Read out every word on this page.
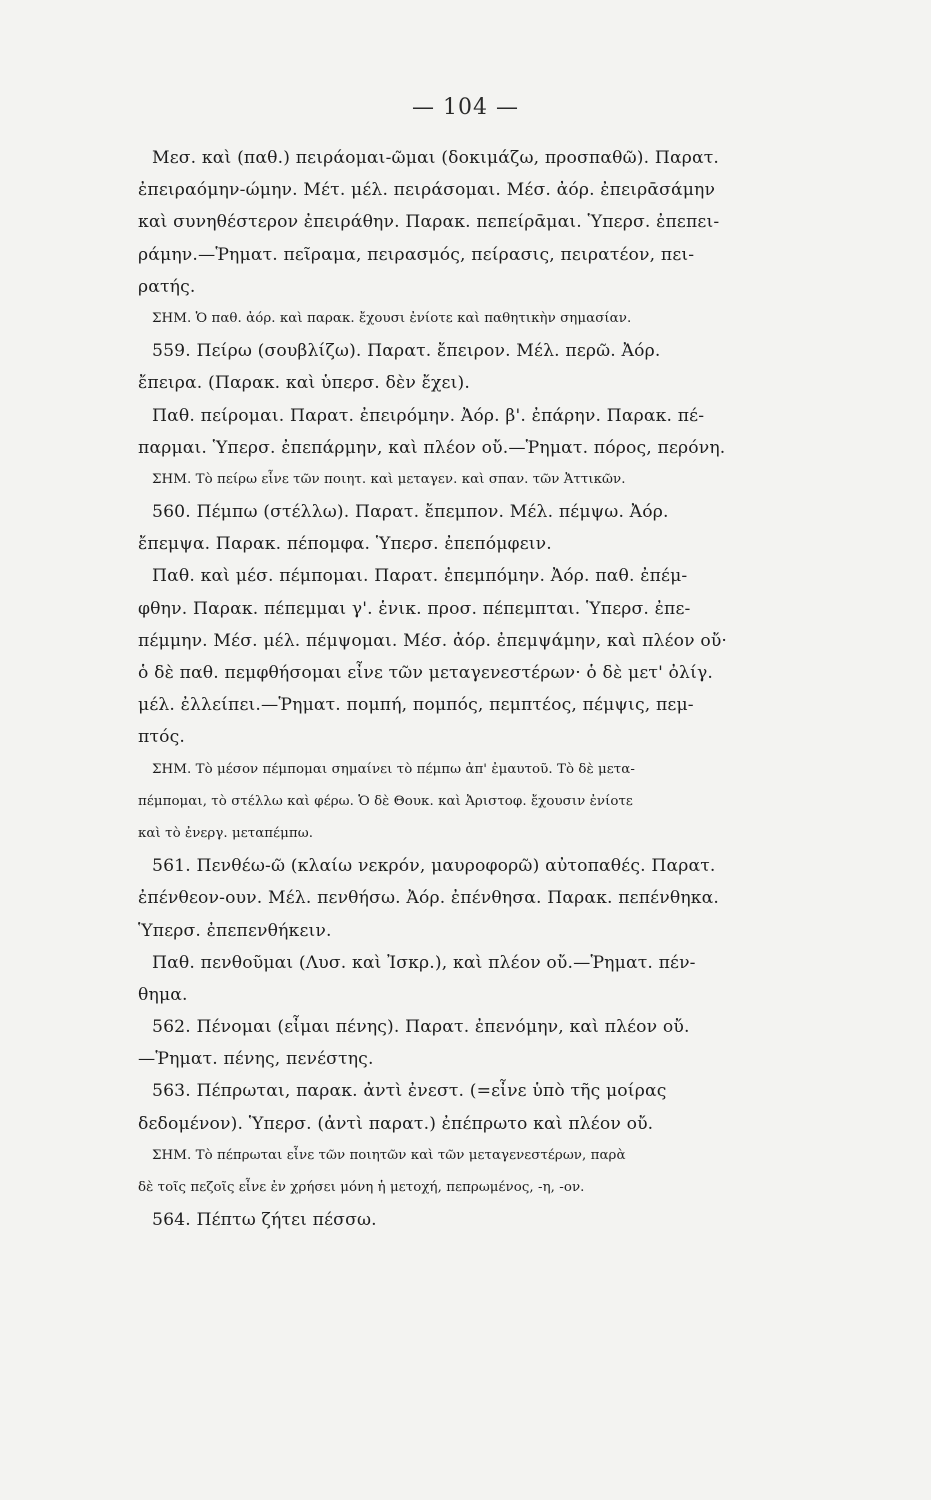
— 104 —
Μεσ. καὶ (παθ.) πειράομαι-ῶμαι (δοκιμάζω, προσπαθῶ). Παρατ.
ἐπειραόμην-ώμην. Μέτ. μέλ. πειράσομαι. Μέσ. ἀόρ. ἐπειρᾱσάμην
καὶ συνηθέστερον ἐπειράθην. Παρακ. πεπείρᾱμαι. Ὑπερσ. ἐπεπει-
ράμην.—Ῥηματ. πεῖραμα, πειρασμός, πείρασις, πειρατέον, πει-
ρατής.
ΣΗΜ. Ὁ παθ. ἀόρ. καὶ παρακ. ἔχουσι ἐνίοτε καὶ παθητικὴν σημασίαν.
559. Πείρω (σουβλίζω). Παρατ. ἔπειρον. Μέλ. περῶ. Ἀόρ.
ἔπειρα. (Παρακ. καὶ ὑπερσ. δὲν ἔχει).
Παθ. πείρομαι. Παρατ. ἐπειρόμην. Ἀόρ. β'. ἐπάρην. Παρακ. πέ-
παρμαι. Ὑπερσ. ἐπεπάρμην, καὶ πλέον οὔ.—Ῥηματ. πόρος, περόνη.
ΣΗΜ. Τὸ πείρω εἶνε τῶν ποιητ. καὶ μεταγεν. καὶ σπαν. τῶν Ἀττικῶν.
560. Πέμπω (στέλλω). Παρατ. ἔπεμπον. Μέλ. πέμψω. Ἀόρ.
ἔπεμψα. Παρακ. πέπομφα. Ὑπερσ. ἐπεπόμφειν.
Παθ. καὶ μέσ. πέμπομαι. Παρατ. ἐπεμπόμην. Ἀόρ. παθ. ἐπέμ-
φθην. Παρακ. πέπεμμαι γ'. ἑνικ. προσ. πέπεμπται. Ὑπερσ. ἐπε-
πέμμην. Μέσ. μέλ. πέμψομαι. Μέσ. ἀόρ. ἐπεμψάμην, καὶ πλέον οὔ·
ὁ δὲ παθ. πεμφθήσομαι εἶνε τῶν μεταγενεστέρων· ὁ δὲ μετ' ὀλίγ.
μέλ. ἐλλείπει.—Ῥηματ. πομπή, πομπός, πεμπτέος, πέμψις, πεμ-
πτός.
ΣΗΜ. Τὸ μέσον πέμπομαι σημαίνει τὸ πέμπω ἀπ' ἐμαυτοῦ. Τὸ δὲ μετα-
πέμπομαι, τὸ στέλλω καὶ φέρω. Ὁ δὲ Θουκ. καὶ Ἀριστοφ. ἔχουσιν ἐνίοτε
καὶ τὸ ἐνεργ. μεταπέμπω.
561. Πενθέω-ῶ (κλαίω νεκρόν, μαυροφορῶ) αὐτοπαθές. Παρατ.
ἐπένθεον-ουν. Μέλ. πενθήσω. Ἀόρ. ἐπένθησα. Παρακ. πεπένθηκα.
Ὑπερσ. ἐπεπενθήκειν.
Παθ. πενθοῦμαι (Λυσ. καὶ Ἰσκρ.), καὶ πλέον οὔ.—Ῥηματ. πέν-
θημα.
562. Πένομαι (εἶμαι πένης). Παρατ. ἐπενόμην, καὶ πλέον οὔ.
—Ῥηματ. πένης, πενέστης.
563. Πέπρωται, παρακ. ἀντὶ ἐνεστ. (=εἶνε ὑπὸ τῆς μοίρας
δεδομένον). Ὑπερσ. (ἀντὶ παρατ.) ἐπέπρωτο καὶ πλέον οὔ.
ΣΗΜ. Τὸ πέπρωται εἶνε τῶν ποιητῶν καὶ τῶν μεταγενεστέρων, παρὰ
δὲ τοῖς πεζοῖς εἶνε ἐν χρήσει μόνη ἡ μετοχή, πεπρωμένος, -η, -ον.
564. Πέπτω ζήτει πέσσω.
